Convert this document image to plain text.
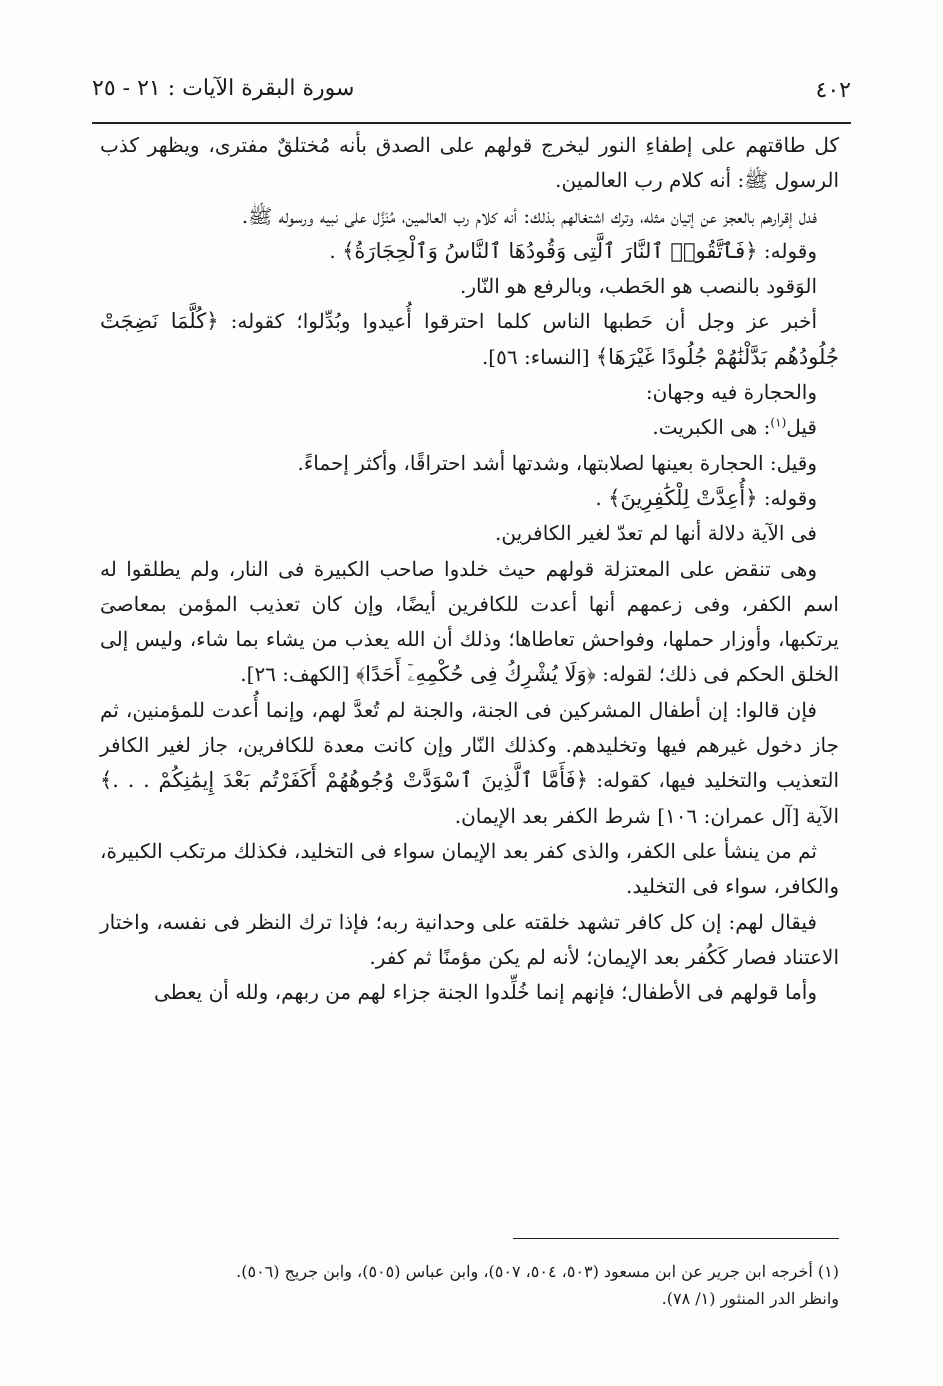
٤٠٢
سورة البقرة الآيات : ٢١ - ٢٥

كل طاقتهم على إطفاءِ النور ليخرج قولهم على الصدق بأنه مُختلقٌ مفترى، ويظهر كذب الرسول ﷺ: أنه كلام رب العالمين.

فدل إقرارهم بالعجز عن إتيان مثله، وترك اشتغالهم بذلك: أنه كلام رب العالمين، مُنَزَّل على نبيه ورسوله ﷺ.

وقوله: ﴿فَٱتَّقُوا۟ ٱلنَّارَ ٱلَّتِى وَقُودُهَا ٱلنَّاسُ وَٱلْحِجَارَةُ﴾ .

الوَقود بالنصب هو الحَطب، وبالرفع هو النّار.

أخبر عز وجل أن حَطبها الناس كلما احترقوا أُعيدوا وبُدِّلوا؛ كقوله: ﴿كُلَّمَا نَضِجَتْ جُلُودُهُم بَدَّلْنَٰهُمْ جُلُودًا غَيْرَهَا﴾ [النساء: ٥٦].

والحجارة فيه وجهان:

قيل$^{(١)}$: هى الكبريت.

وقيل: الحجارة بعينها لصلابتها، وشدتها أشد احتراقًا، وأكثر إحماءً.

وقوله: ﴿أُعِدَّتْ لِلْكَٰفِرِينَ﴾ .

فى الآية دلالة أنها لم تعدّ لغير الكافرين.

وهى تنقض على المعتزلة قولهم حيث خلدوا صاحب الكبيرة فى النار، ولم يطلقوا له اسم الكفر، وفى زعمهم أنها أعدت للكافرين أيضًا، وإن كان تعذيب المؤمن بمعاصىَ يرتكبها، وأوزار حملها، وفواحش تعاطاها؛ وذلك أن الله يعذب من يشاء بما شاء، وليس إلى الخلق الحكم فى ذلك؛ لقوله: ﴿وَلَا يُشْرِكُ فِى حُكْمِهِۦٓ أَحَدًا﴾ [الكهف: ٢٦].

فإن قالوا: إن أطفال المشركين فى الجنة، والجنة لم تُعدَّ لهم، وإنما أُعدت للمؤمنين، ثم جاز دخول غيرهم فيها وتخليدهم. وكذلك النّار وإن كانت معدة للكافرين، جاز لغير الكافر التعذيب والتخليد فيها، كقوله: ﴿فَأَمَّا ٱلَّذِينَ ٱسْوَدَّتْ وُجُوهُهُمْ أَكَفَرْتُم بَعْدَ إِيمَٰنِكُمْ . . .﴾ الآية [آل عمران: ١٠٦] شرط الكفر بعد الإيمان.

ثم من ينشأ على الكفر، والذى كفر بعد الإيمان سواء فى التخليد، فكذلك مرتكب الكبيرة، والكافر، سواء فى التخليد.

فيقال لهم: إن كل كافر تشهد خلقته على وحدانية ربه؛ فإذا ترك النظر فى نفسه، واختار الاعتناد فصار كَكُفر بعد الإيمان؛ لأنه لم يكن مؤمنًا ثم كفر.

وأما قولهم فى الأطفال؛ فإنهم إنما خُلِّدوا الجنة جزاء لهم من ربهم، ولله أن يعطى

(١) أخرجه ابن جرير عن ابن مسعود (٥٠٣، ٥٠٤، ٥٠٧)، وابن عباس (٥٠٥)، وابن جريج (٥٠٦).

وانظر الدر المنثور (١/ ٧٨).
